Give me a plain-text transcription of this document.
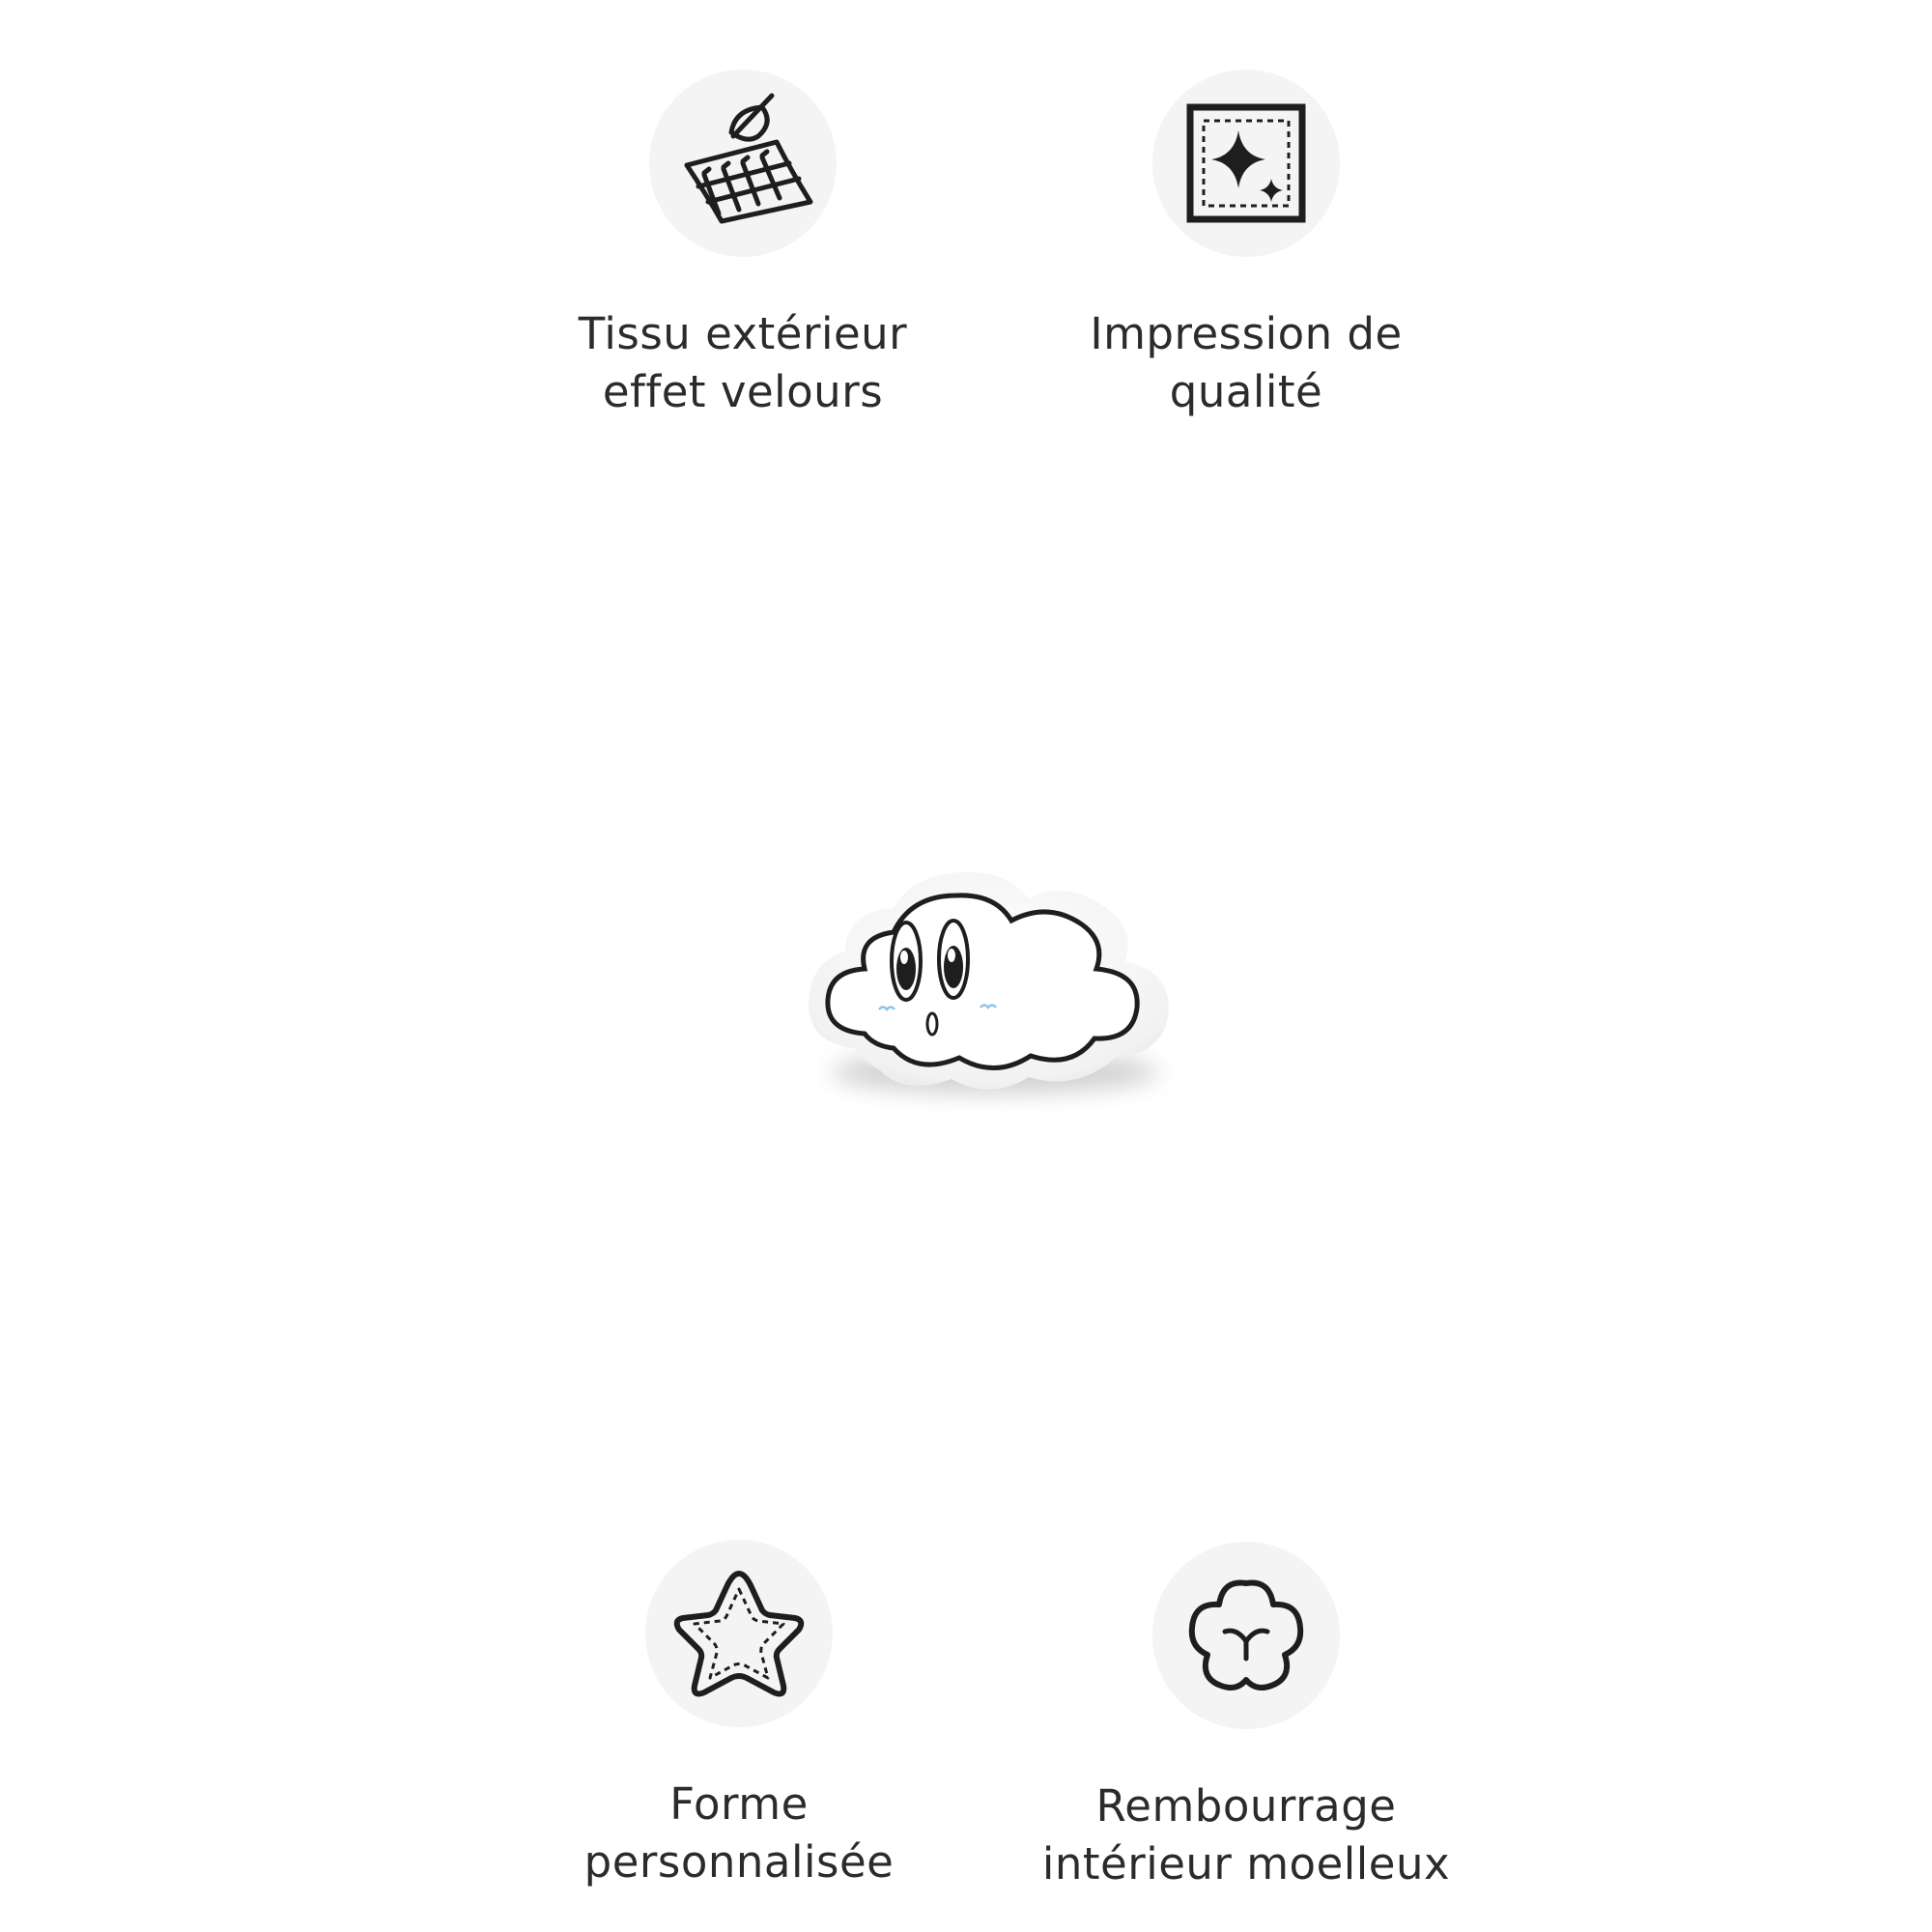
Tissu extérieur
effet velours
Impression de
qualité
Forme
personnalisée
Rembourrage
intérieur moelleux
